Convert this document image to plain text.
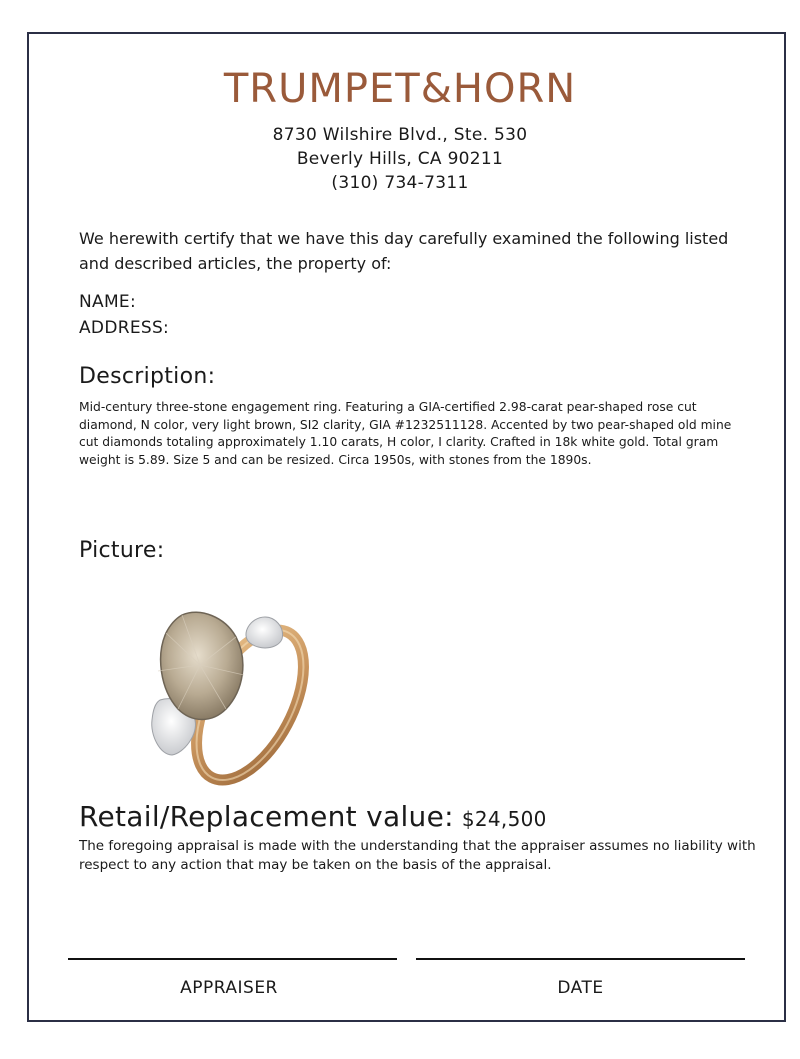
TRUMPET&HORN
8730 Wilshire Blvd., Ste. 530
Beverly Hills, CA 90211
(310) 734-7311
We herewith certify that we have this day carefully examined the following listed and described articles, the property of:
NAME:
ADDRESS:
Description:
Mid-century three-stone engagement ring. Featuring a GIA-certified 2.98-carat pear-shaped rose cut diamond, N color, very light brown, SI2 clarity, GIA #1232511128. Accented by two pear-shaped old mine cut diamonds totaling approximately 1.10 carats, H color, I clarity. Crafted in 18k white gold. Total gram weight is 5.89. Size 5 and can be resized. Circa 1950s, with stones from the 1890s.
Picture:
Retail/Replacement value: $24,500
The foregoing appraisal is made with the understanding that the appraiser assumes no liability with respect to any action that may be taken on the basis of the appraisal.
APPRAISER	DATE
